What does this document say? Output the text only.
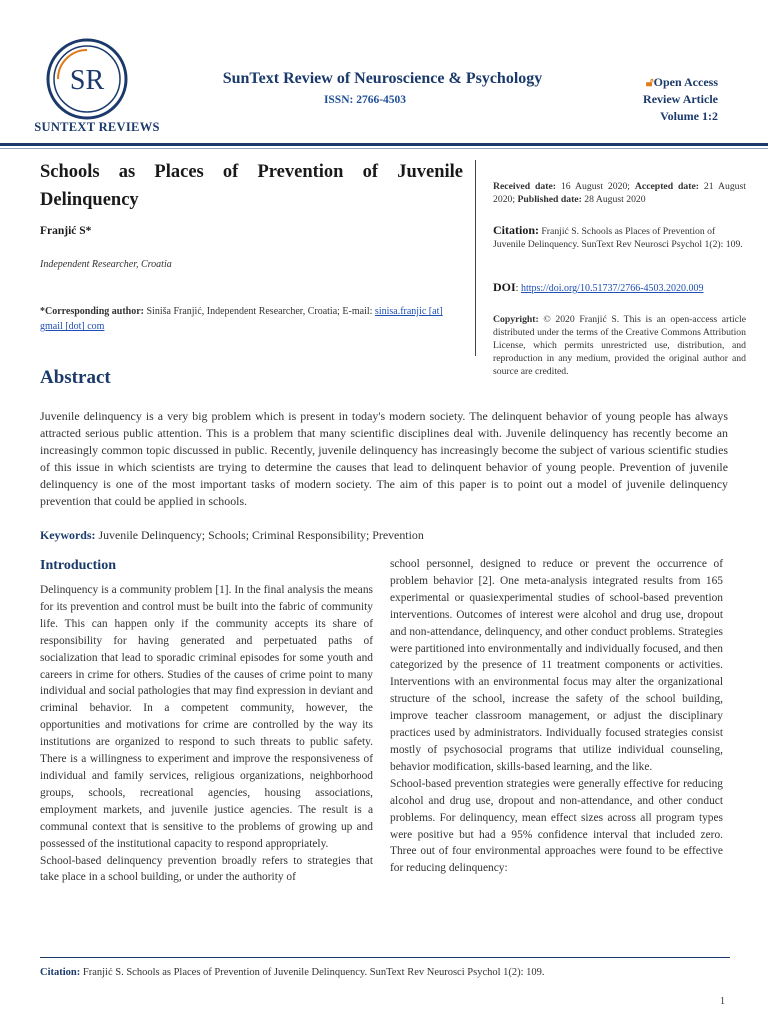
SR
SUNTEXT REVIEWS
SunText Review of Neuroscience & Psychology
ISSN: 2766-4503
🔓︎Open Access
Review Article
Volume 1:2
Schools as Places of Prevention of Juvenile Delinquency
Franjić S*
Independent Researcher, Croatia
*Corresponding author: Siniša Franjić, Independent Researcher, Croatia; E-mail: sinisa.franjic [at] gmail [dot] com
Received date: 16 August 2020; Accepted date: 21 August 2020; Published date: 28 August 2020
Citation: Franjić S. Schools as Places of Prevention of Juvenile Delinquency. SunText Rev Neurosci Psychol 1(2): 109.
DOI: https://doi.org/10.51737/2766-4503.2020.009
Copyright: © 2020 Franjić S. This is an open-access article distributed under the terms of the Creative Commons Attribution License, which permits unrestricted use, distribution, and reproduction in any medium, provided the original author and source are credited.
Abstract
Juvenile delinquency is a very big problem which is present in today's modern society. The delinquent behavior of young people has always attracted serious public attention. This is a problem that many scientific disciplines deal with. Juvenile delinquency has recently become an increasingly common topic discussed in public. Recently, juvenile delinquency has increasingly become the subject of various scientific studies of this issue in which scientists are trying to determine the causes that lead to delinquent behavior of young people. Prevention of juvenile delinquency is one of the most important tasks of modern society. The aim of this paper is to point out a model of juvenile delinquency prevention that could be applied in schools.
Keywords: Juvenile Delinquency; Schools; Criminal Responsibility; Prevention
Introduction

Delinquency is a community problem [1]. In the final analysis the means for its prevention and control must be built into the fabric of community life. This can happen only if the community accepts its share of responsibility for having generated and perpetuated paths of socialization that lead to sporadic criminal episodes for some youth and careers in crime for others. Studies of the causes of crime point to many individual and social pathologies that may find expression in deviant and criminal behavior. In a competent community, however, the opportunities and motivations for crime are controlled by the way its institutions are organized to respond to such threats to public safety. There is a willingness to experiment and improve the responsiveness of individual and family services, religious organizations, neighborhood groups, schools, recreational agencies, housing associations, employment markets, and juvenile justice agencies. The result is a communal context that is sensitive to the problems of growing up and possessed of the institutional capacity to respond appropriately.

School-based delinquency prevention broadly refers to strategies that take place in a school building, or under the authority of

school personnel, designed to reduce or prevent the occurrence of problem behavior [2]. One meta-analysis integrated results from 165 experimental or quasiexperimental studies of school-based prevention interventions. Outcomes of interest were alcohol and drug use, dropout and non-attendance, delinquency, and other conduct problems. Strategies were partitioned into environmentally and individually focused, and then categorized by the presence of 11 treatment components or activities. Interventions with an environmental focus may alter the organizational structure of the school, increase the safety of the school building, improve teacher classroom management, or adjust the disciplinary practices used by administrators. Individually focused strategies consist mostly of psychosocial programs that utilize individual counseling, behavior modification, skills-based learning, and the like.

School-based prevention strategies were generally effective for reducing alcohol and drug use, dropout and non-attendance, and other conduct problems. For delinquency, mean effect sizes across all program types were positive but had a 95% confidence interval that included zero. Three out of four environmental approaches were found to be effective for reducing delinquency:

Citation: Franjić S. Schools as Places of Prevention of Juvenile Delinquency. SunText Rev Neurosci Psychol 1(2): 109.
1
